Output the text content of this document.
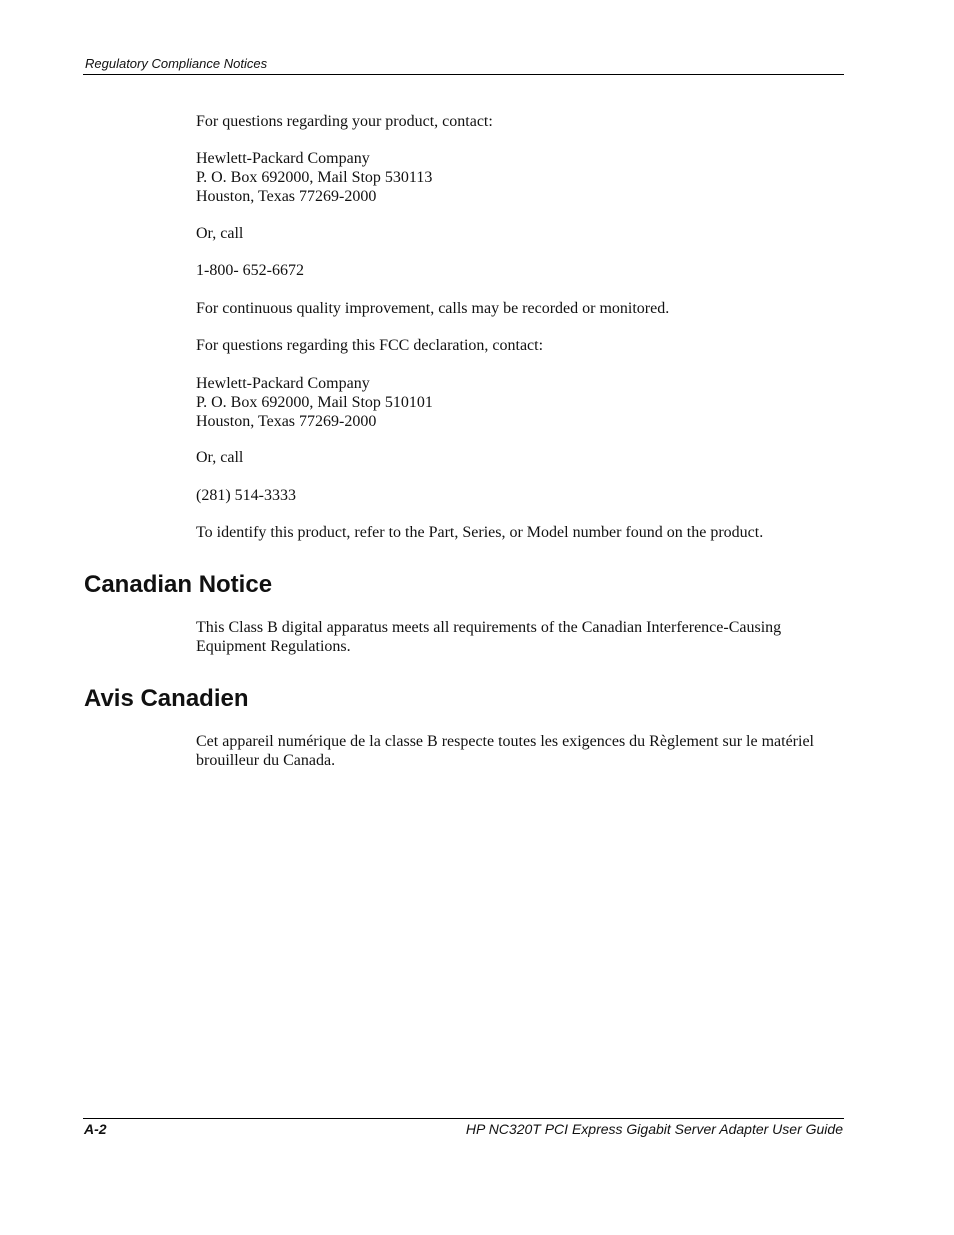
Regulatory Compliance Notices

For questions regarding your product, contact:

Hewlett-Packard Company
P. O. Box 692000, Mail Stop 530113
Houston, Texas 77269-2000

Or, call

1-800- 652-6672

For continuous quality improvement, calls may be recorded or monitored.

For questions regarding this FCC declaration, contact:

Hewlett-Packard Company
P. O. Box 692000, Mail Stop 510101
Houston, Texas 77269-2000

Or, call

(281) 514-3333

To identify this product, refer to the Part, Series, or Model number found on the product.

Canadian Notice

This Class B digital apparatus meets all requirements of the Canadian Interference-Causing Equipment Regulations.

Avis Canadien

Cet appareil numérique de la classe B respecte toutes les exigences du Règlement sur le matériel brouilleur du Canada.

A-2	HP NC320T PCI Express Gigabit Server Adapter User Guide
